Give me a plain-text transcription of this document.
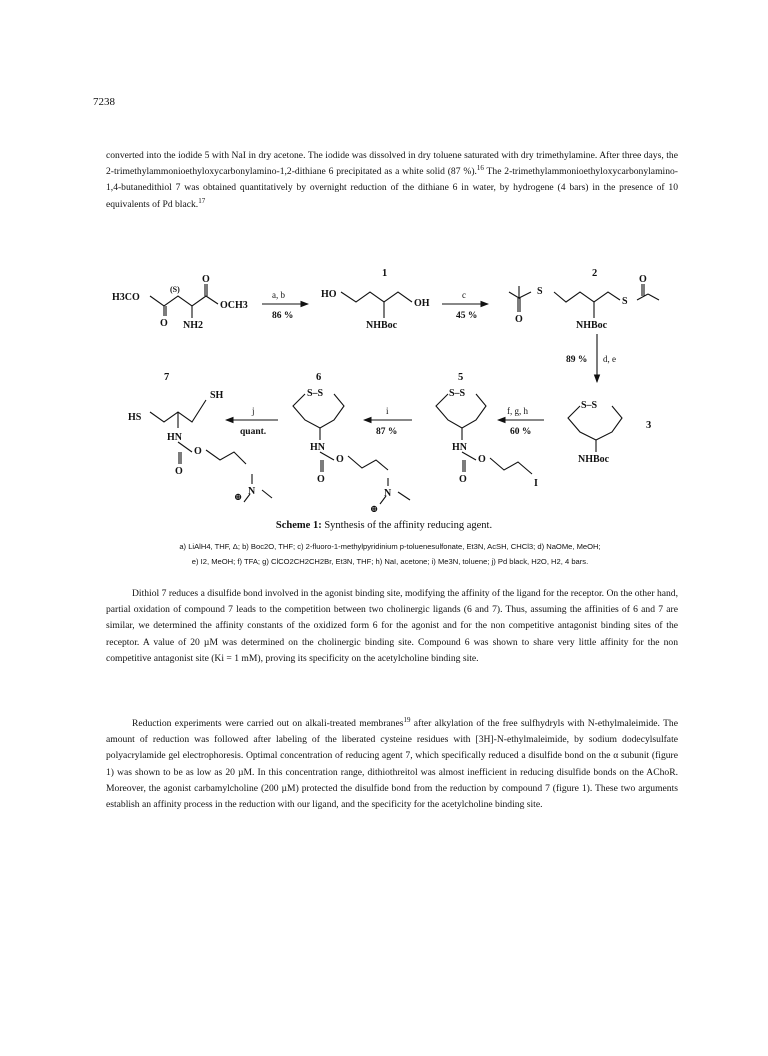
7238

converted into the iodide 5 with NaI in dry acetone. The iodide was dissolved in dry toluene saturated with dry trimethylamine. After three days, the 2-trimethylammonioethyloxycarbonylamino-1,2-dithiane 6 precipitated as a white solid (87 %).$^{16}$ The 2-trimethylammonioethyloxycarbonylamino-1,4-butanedithiol 7 was obtained quantitatively by overnight reduction of the dithiane 6 in water, by hydrogene (4 bars) in the presence of 10 equivalents of Pd black.$^{17}$

H3CO
(S)
O
OCH3
O NH2
a, b
86 %
1
HO
OH
NHBoc
c
45 %
2
S
S
O
O
NHBoc
89 % d, e
S–S
3
NHBoc
f, g, h
60 %
5
S–S
HN
O
O	I
i
87 %
6
S–S
HN
O
O
N
⊕
j
quant.
7
SH
HS
HN
O
O
N
⊕
Scheme 1: Synthesis of the affinity reducing agent.
a) LiAlH4, THF, Δ; b) Boc2O, THF; c) 2-fluoro-1-methylpyridinium p-toluenesulfonate, Et3N, AcSH, CHCl3; d) NaOMe, MeOH;
e) I2, MeOH; f) TFA; g) ClCO2CH2CH2Br, Et3N, THF; h) NaI, acetone; i) Me3N, toluene; j) Pd black, H2O, H2, 4 bars.

Dithiol 7 reduces a disulfide bond involved in the agonist binding site, modifying the affinity of the ligand for the receptor. On the other hand, partial oxidation of compound 7 leads to the competition between two cholinergic ligands (6 and 7). Thus, assuming the affinities of 6 and 7 are similar, we determined the affinity constants of the oxidized form 6 for the agonist and for the non competitive antagonist binding sites of the receptor. A value of 20 µM was determined on the cholinergic binding site. Compound 6 was shown to share very little affinity for the non competitive antagonist site (Ki = 1 mM), proving its specificity on the acetylcholine binding site.

Reduction experiments were carried out on alkali-treated membranes$^{19}$ after alkylation of the free sulfhydryls with N-ethylmaleimide. The amount of reduction was followed after labeling of the liberated cysteine residues with [3H]-N-ethylmaleimide, by sodium dodecylsulfate polyacrylamide gel electrophoresis. Optimal concentration of reducing agent 7, which specifically reduced a disulfide bond on the α subunit (figure 1) was shown to be as low as 20 µM. In this concentration range, dithiothreitol was almost inefficient in reducing disulfide bonds on the AChoR. Moreover, the agonist carbamylcholine (200 µM) protected the disulfide bond from the reduction by compound 7 (figure 1). These two arguments establish an affinity process in the reduction with our ligand, and the specificity for the acetylcholine binding site.
